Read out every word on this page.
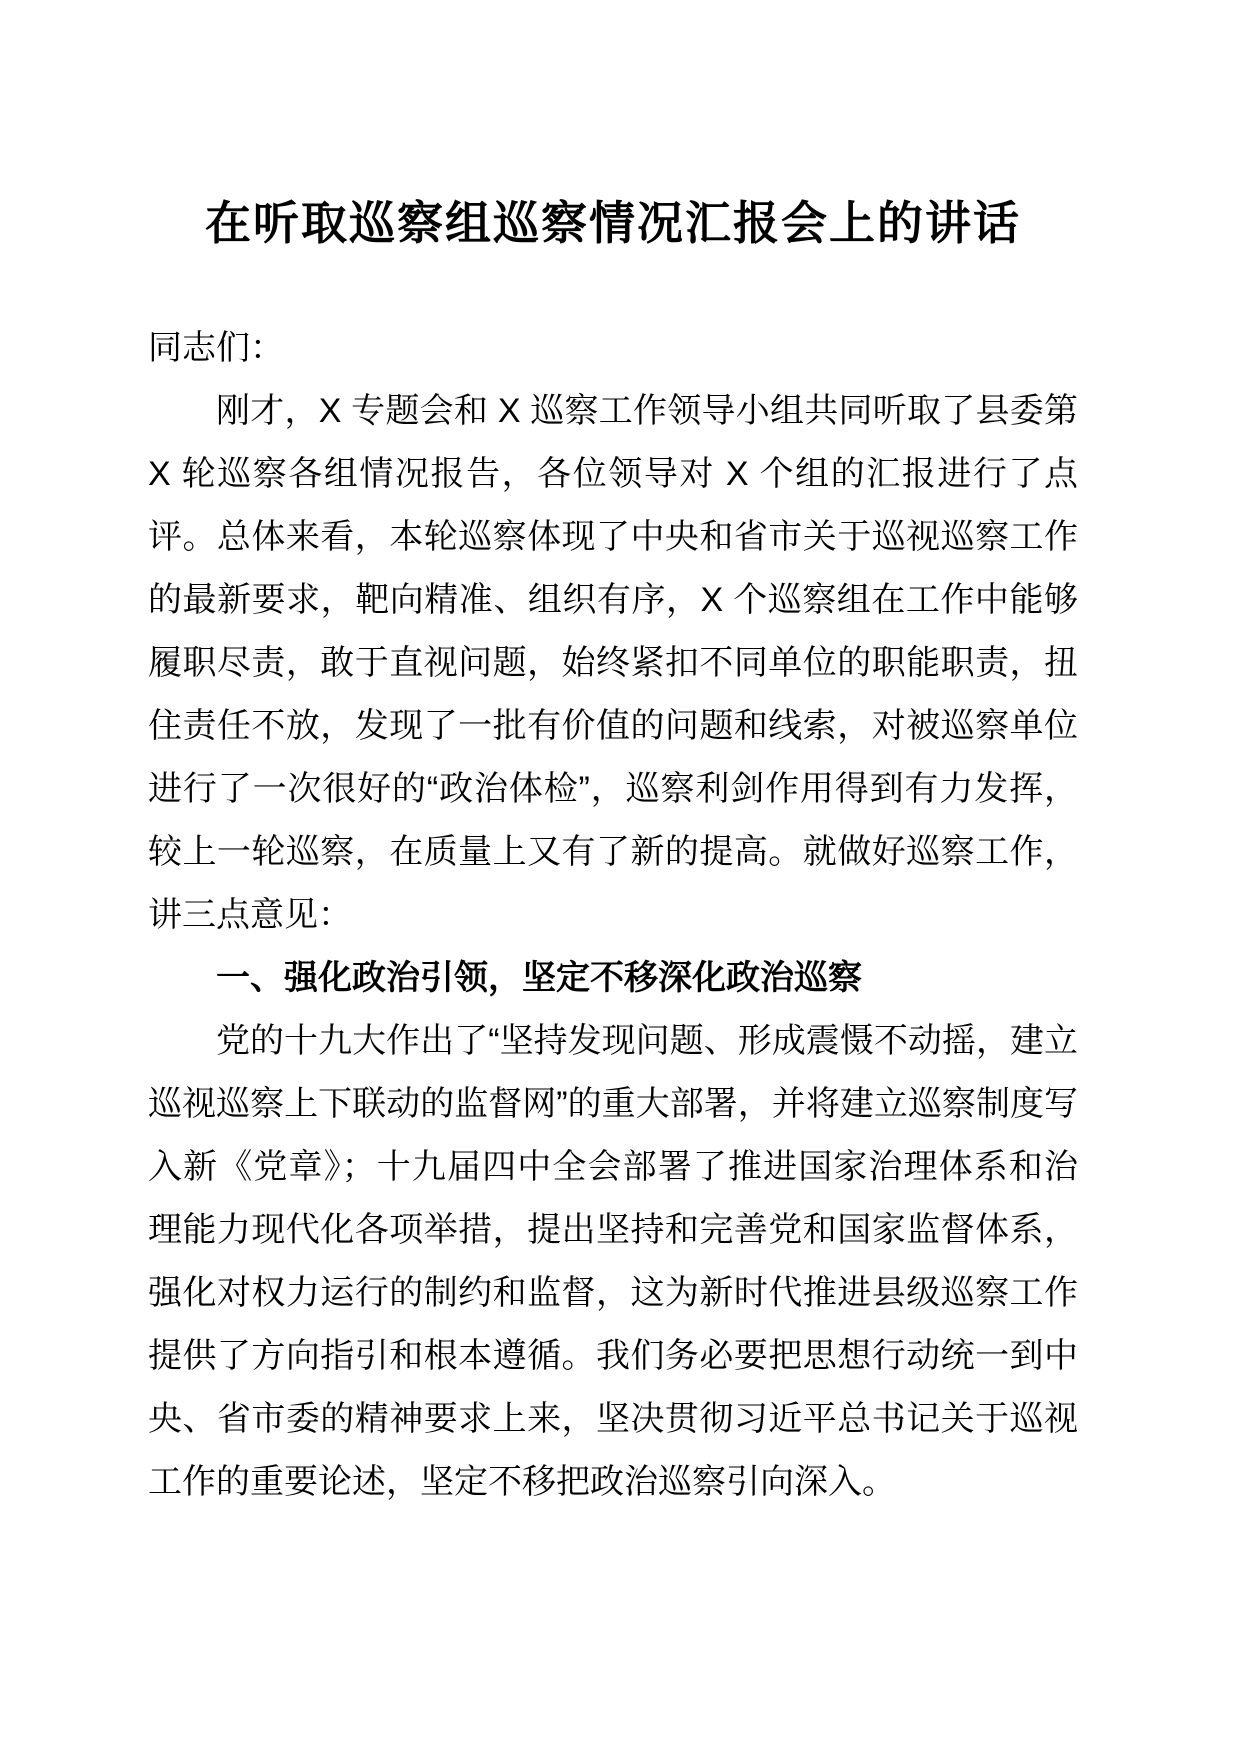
在听取巡察组巡察情况汇报会上的讲话

同志们：

刚才，X 专题会和 X 巡察工作领导小组共同听取了县委第 X 轮巡察各组情况报告，各位领导对 X 个组的汇报进行了点评。总体来看，本轮巡察体现了中央和省市关于巡视巡察工作的最新要求，靶向精准、组织有序，X 个巡察组在工作中能够履职尽责，敢于直视问题，始终紧扣不同单位的职能职责，扭住责任不放，发现了一批有价值的问题和线索，对被巡察单位进行了一次很好的“政治体检”，巡察利剑作用得到有力发挥，较上一轮巡察，在质量上又有了新的提高。就做好巡察工作，讲三点意见：

一、强化政治引领，坚定不移深化政治巡察

党的十九大作出了“坚持发现问题、形成震慑不动摇，建立巡视巡察上下联动的监督网”的重大部署，并将建立巡察制度写入新《党章》；十九届四中全会部署了推进国家治理体系和治理能力现代化各项举措，提出坚持和完善党和国家监督体系，强化对权力运行的制约和监督，这为新时代推进县级巡察工作提供了方向指引和根本遵循。我们务必要把思想行动统一到中央、省市委的精神要求上来，坚决贯彻习近平总书记关于巡视工作的重要论述，坚定不移把政治巡察引向深入。
